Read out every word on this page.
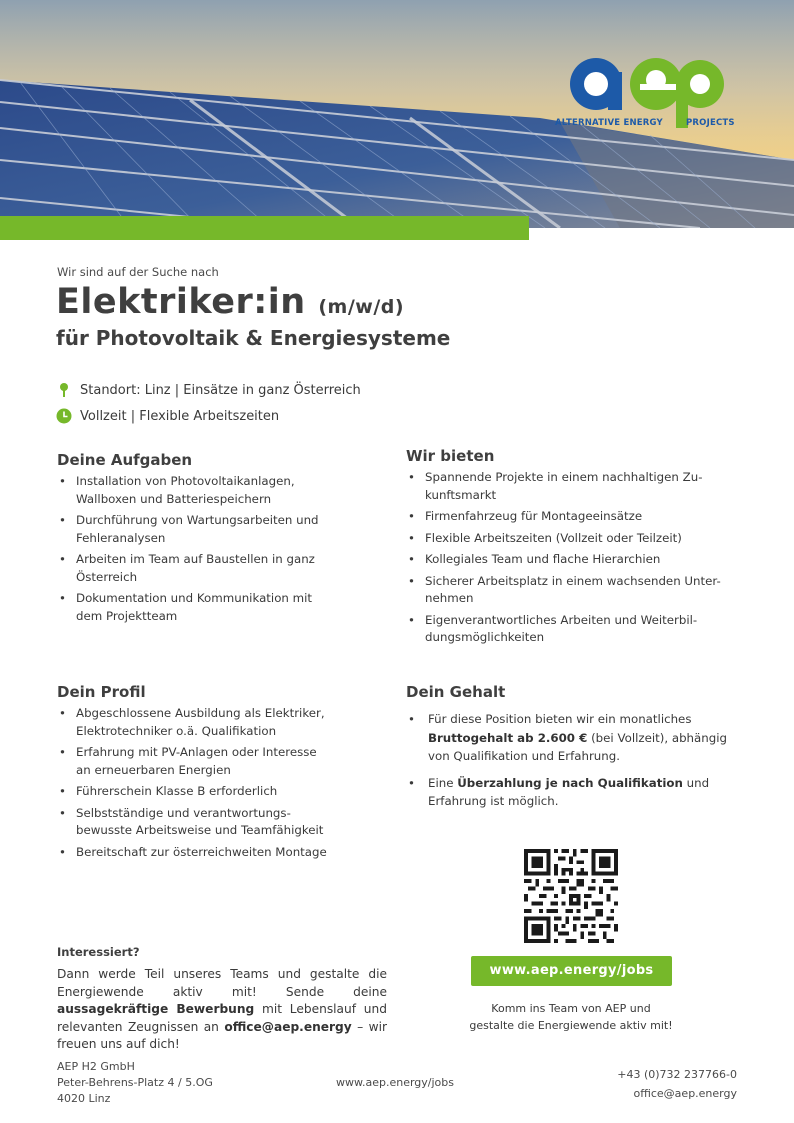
ALTERNATIVE ENERGY	PROJECTS
Wir sind auf der Suche nach
Elektriker:in (m/w/d)
für Photovoltaik & Energiesysteme
Standort: Linz | Einsätze in ganz Österreich
Vollzeit | Flexible Arbeitszeiten
Deine Aufgaben
• Installation von Photovoltaikanlagen,
Wallboxen und Batteriespeichern
• Durchführung von Wartungsarbeiten und
Fehleranalysen
• Arbeiten im Team auf Baustellen in ganz
Österreich
• Dokumentation und Kommunikation mit
dem Projektteam
Wir bieten
• Spannende Projekte in einem nachhaltigen Zu-
kunftsmarkt
• Firmenfahrzeug für Montageeinsätze
• Flexible Arbeitszeiten (Vollzeit oder Teilzeit)
• Kollegiales Team und flache Hierarchien
• Sicherer Arbeitsplatz in einem wachsenden Unter-
nehmen
• Eigenverantwortliches Arbeiten und Weiterbil-
dungsmöglichkeiten
Dein Profil
• Abgeschlossene Ausbildung als Elektriker,
Elektrotechniker o.ä. Qualifikation
• Erfahrung mit PV-Anlagen oder Interesse
an erneuerbaren Energien
• Führerschein Klasse B erforderlich
• Selbstständige und verantwortungs-
bewusste Arbeitsweise und Teamfähigkeit
• Bereitschaft zur österreichweiten Montage
Dein Gehalt
• Für diese Position bieten wir ein monatliches
Bruttogehalt ab 2.600 € (bei Vollzeit), abhängig
von Qualifikation und Erfahrung.
• Eine Überzahlung je nach Qualifikation und
Erfahrung ist möglich.
www.aep.energy/jobs
Komm ins Team von AEP und
gestalte die Energiewende aktiv mit!
Interessiert?
Dann werde Teil unseres Teams und gestalte die Energiewende aktiv mit! Sende deine aussagekräftige Bewerbung mit Lebenslauf und relevanten Zeugnissen an office@aep.energy – wir freuen uns auf dich!
AEP H2 GmbH
Peter-Behrens-Platz 4 / 5.OG
4020 Linz
www.aep.energy/jobs
+43 (0)732 237766-0
office@aep.energy
